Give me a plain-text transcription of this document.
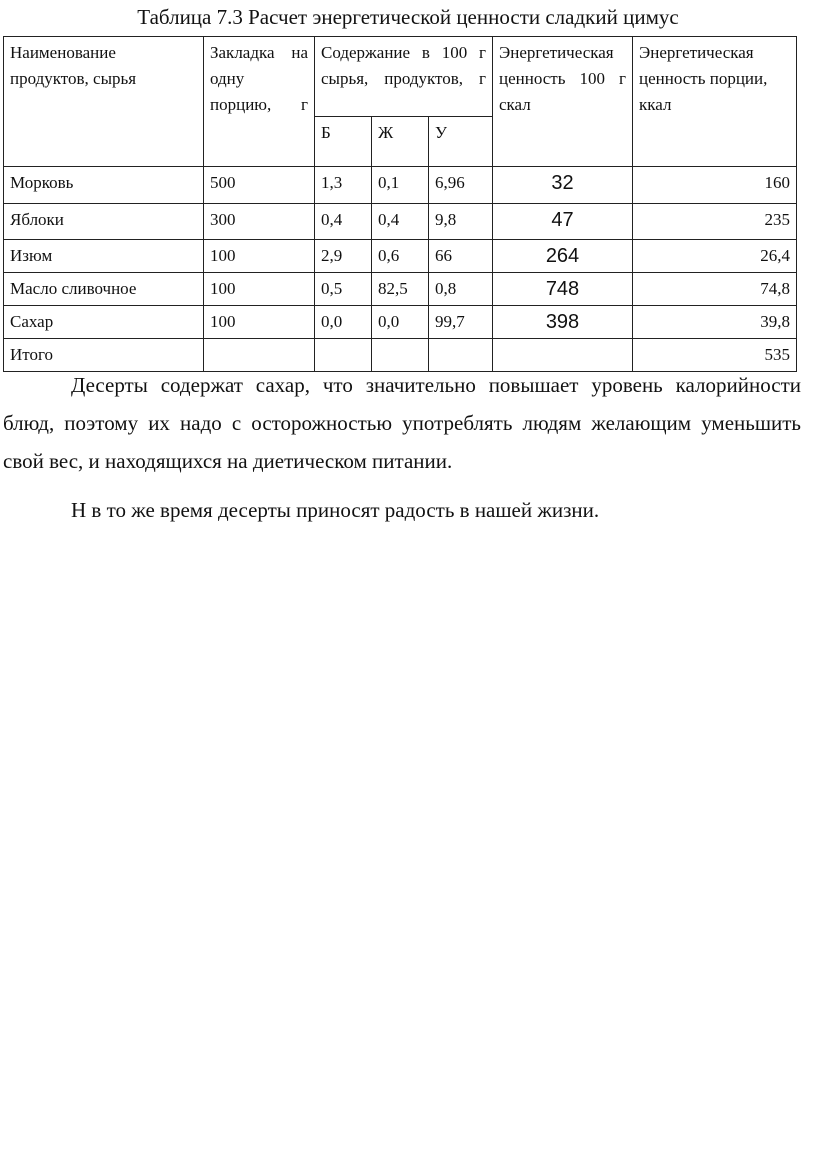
Таблица 7.3 Расчет энергетической ценности сладкий цимус
Наименование продуктов, сырья	Закладка на одну порцию, г	Содержание в 100 г сырья, продуктов, г			Энергетическая ценность 100 г скал	Энергетическая ценность порции, ккал
		Б	Ж	У		
Морковь	500	1,3	0,1	6,96	32	160
Яблоки	300	0,4	0,4	9,8	47	235
Изюм	100	2,9	0,6	66	264	26,4
Масло сливочное	100	0,5	82,5	0,8	748	74,8
Сахар	100	0,0	0,0	99,7	398	39,8
Итого						535

Десерты содержат сахар, что значительно повышает уровень калорийности блюд, поэтому их надо с осторожностью употреблять людям желающим уменьшить свой вес, и находящихся на диетическом питании.

Н в то же время десерты приносят радость в нашей жизни.
